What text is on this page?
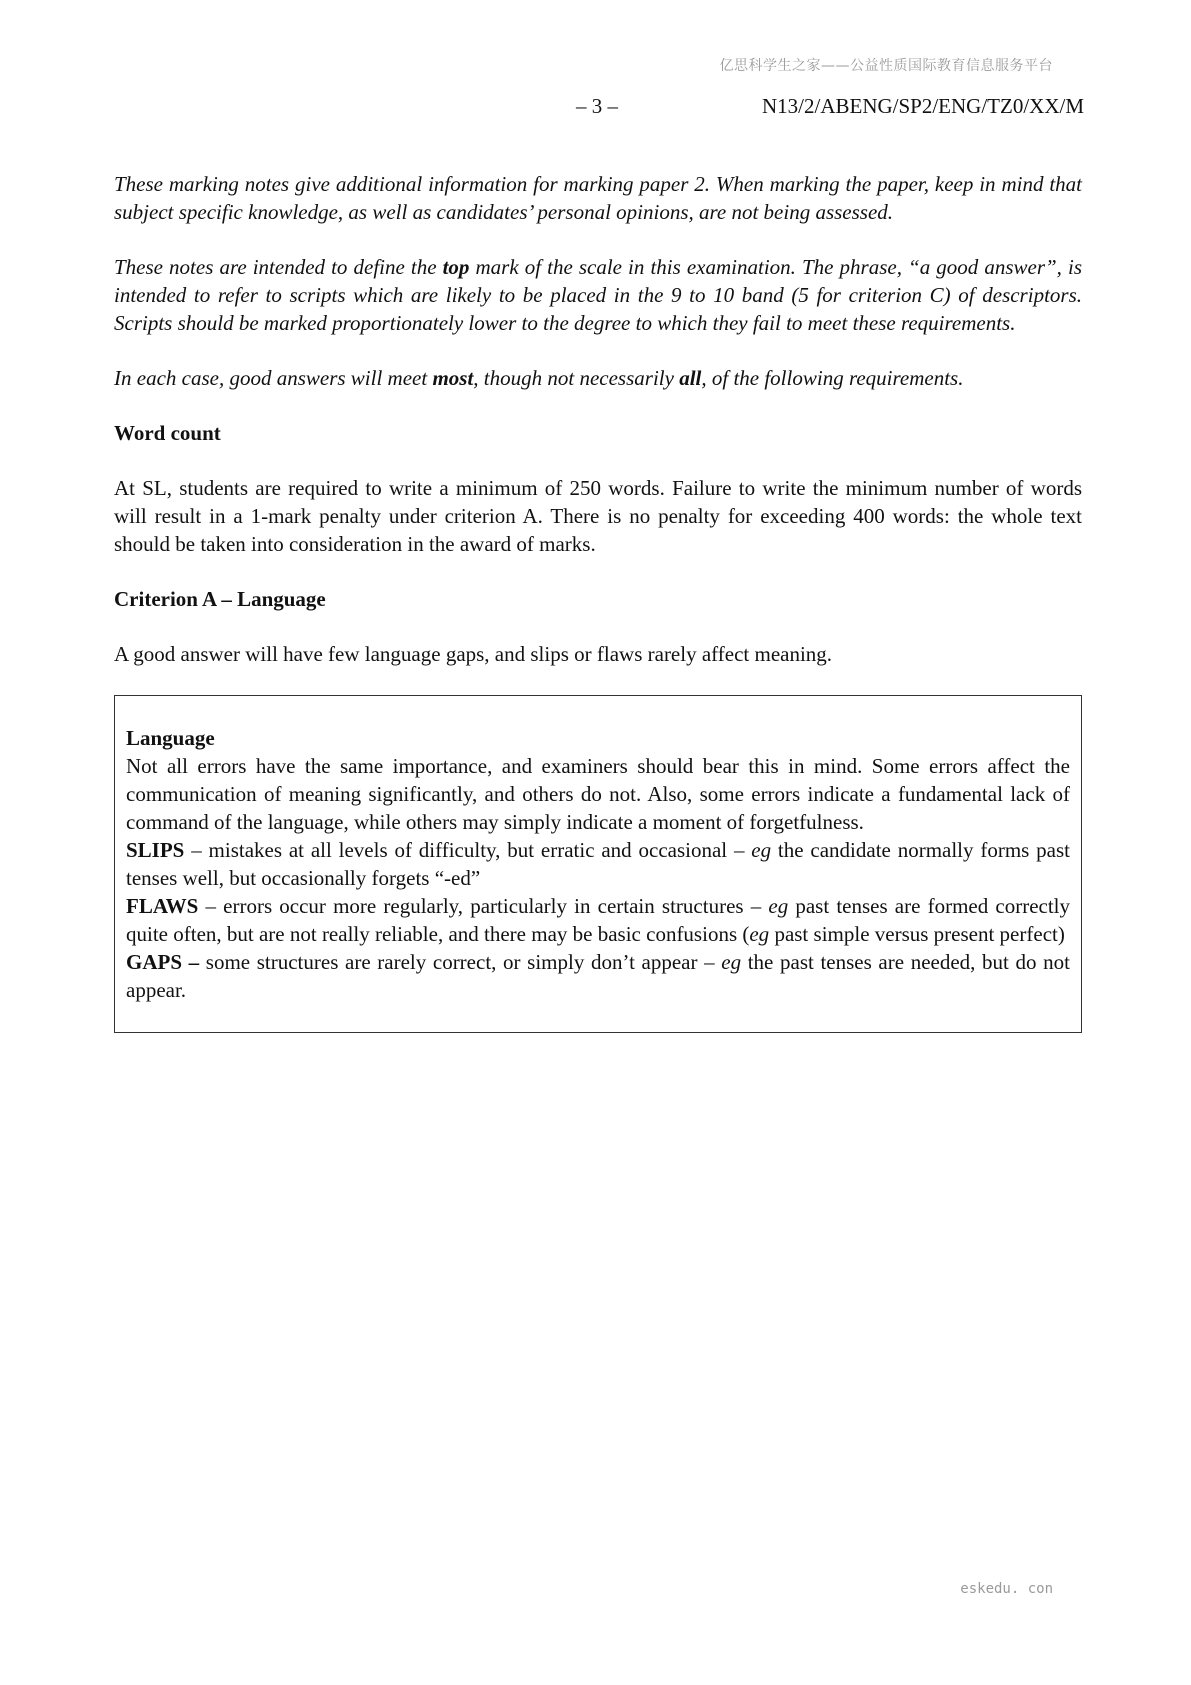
亿思科学生之家——公益性质国际教育信息服务平台
– 3 –	N13/2/ABENG/SP2/ENG/TZ0/XX/M

These marking notes give additional information for marking paper 2. When marking the paper, keep in mind that subject specific knowledge, as well as candidates’ personal opinions, are not being assessed.

These notes are intended to define the top mark of the scale in this examination. The phrase, “a good answer”, is intended to refer to scripts which are likely to be placed in the 9 to 10 band (5 for criterion C) of descriptors. Scripts should be marked proportionately lower to the degree to which they fail to meet these requirements.

In each case, good answers will meet most, though not necessarily all, of the following requirements.

Word count

At SL, students are required to write a minimum of 250 words. Failure to write the minimum number of words will result in a 1-mark penalty under criterion A. There is no penalty for exceeding 400 words: the whole text should be taken into consideration in the award of marks.

Criterion A – Language

A good answer will have few language gaps, and slips or flaws rarely affect meaning.

Language

Not all errors have the same importance, and examiners should bear this in mind. Some errors affect the communication of meaning significantly, and others do not. Also, some errors indicate a fundamental lack of command of the language, while others may simply indicate a moment of forgetfulness.

SLIPS – mistakes at all levels of difficulty, but erratic and occasional – eg the candidate normally forms past tenses well, but occasionally forgets “-ed”

FLAWS – errors occur more regularly, particularly in certain structures – eg past tenses are formed correctly quite often, but are not really reliable, and there may be basic confusions (eg past simple versus present perfect)

GAPS – some structures are rarely correct, or simply don’t appear – eg the past tenses are needed, but do not appear.

eskedu. con
